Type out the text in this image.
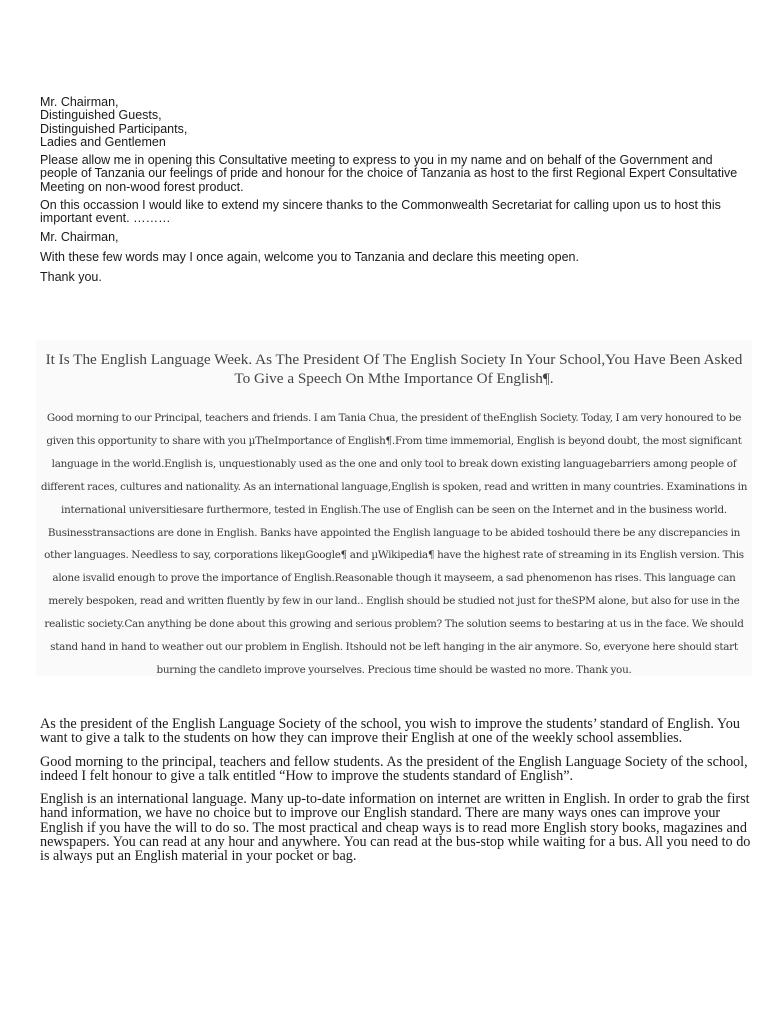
Mr. Chairman,

Distinguished Guests,

Distinguished Participants,

Ladies and Gentlemen

Please allow me in opening this Consultative meeting to express to you in my name and on behalf of the Government and people of Tanzania our feelings of pride and honour for the choice of Tanzania as host to the first Regional Expert Consultative Meeting on non-wood forest product.

On this occassion I would like to extend my sincere thanks to the Commonwealth Secretariat for calling upon us to host this important event. ………

Mr. Chairman,

With these few words may I once again, welcome you to Tanzania and declare this meeting open.

Thank you.

It Is The English Language Week. As The President Of The English Society In Your School,You Have Been Asked To Give a Speech On Mthe Importance Of English¶.
Good morning to our Principal, teachers and friends. I am Tania Chua, the president of theEnglish Society. Today, I am very honoured to be given this opportunity to share with you µTheImportance of English¶.From time immemorial, English is beyond doubt, the most significant language in the world.English is, unquestionably used as the one and only tool to break down existing languagebarriers among people of different races, cultures and nationality. As an international language,English is spoken, read and written in many countries. Examinations in international universitiesare furthermore, tested in English.The use of English can be seen on the Internet and in the business world. Businesstransactions are done in English. Banks have appointed the English language to be abided toshould there be any discrepancies in other languages. Needless to say, corporations likeµGoogle¶ and µWikipedia¶ have the highest rate of streaming in its English version. This alone isvalid enough to prove the importance of English.Reasonable though it mayseem, a sad phenomenon has rises. This language can merely bespoken, read and written fluently by few in our land.. English should be studied not just for theSPM alone, but also for use in the realistic society.Can anything be done about this growing and serious problem? The solution seems to bestaring at us in the face. We should stand hand in hand to weather out our problem in English. Itshould not be left hanging in the air anymore. So, everyone here should start burning the candleto improve yourselves. Precious time should be wasted no more. Thank you.

As the president of the English Language Society of the school, you wish to improve the students’ standard of English. You want to give a talk to the students on how they can improve their English at one of the weekly school assemblies.

Good morning to the principal, teachers and fellow students. As the president of the English Language Society of the school, indeed I felt honour to give a talk entitled “How to improve the students standard of English”.

English is an international language. Many up-to-date information on internet are written in English. In order to grab the first hand information, we have no choice but to improve our English standard. There are many ways ones can improve your English if you have the will to do so. The most practical and cheap ways is to read more English story books, magazines and newspapers. You can read at any hour and anywhere. You can read at the bus-stop while waiting for a bus. All you need to do is always put an English material in your pocket or bag.
